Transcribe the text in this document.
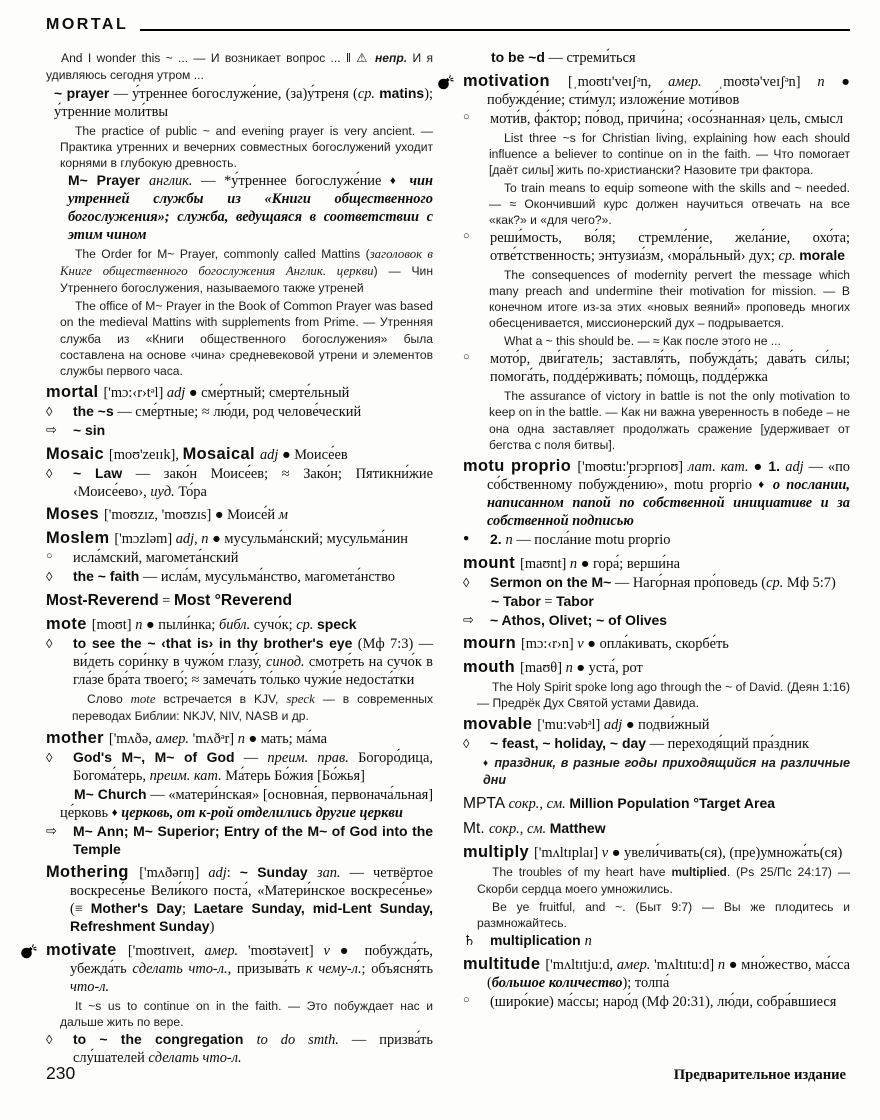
MORTAL
And I wonder this ~ ... — И возникает вопрос ... ‖ ⚠ непр. И я удивляюсь сегодня утром ...
~ prayer — у́треннее богослуже́ние, (за)у́треня (ср. matins); у́тренние моли́твы
The practice of public ~ and evening prayer is very ancient. — Практика утренних и вечерних совместных богослужений уходит корнями в глубокую древность.
M~ Prayer англик. — *у́треннее богослуже́ние ♦ чин утренней службы из «Книги общественного богослужения»; служба, ведущаяся в соответствии с этим чином
The Order for M~ Prayer, commonly called Mattins (заголовок в Книге общественного богослужения Англик. церкви) — Чин Утреннего богослужения, называемого также утреней
The office of M~ Prayer in the Book of Common Prayer was based on the medieval Mattins with supplements from Prime. — Утренняя служба из «Книги общественного богослужения» была составлена на основе ‹чина› средневековой утрени и элементов службы первого часа.
mortal ['mɔ:‹r›tᵊl] adj ● сме́ртный; смерте́льный
◊	the ~s — сме́ртные; ≈ лю́ди, род челове́ческий
⇨	~ sin
Mosaic [moʊ'zeɪɪk], Mosaical adj ● Моисе́ев
◊	~ Law — зако́н Моисе́ев; ≈ Зако́н; Пятикни́жие ‹Моисе́ево›, иуд. То́ра
Moses ['moʊzɪz, 'moʊzɪs] ● Моисе́й м
Moslem ['mɔzləm] adj, n ● мусульма́нский; мусульма́нин
○	исла́мский, магомета́нский
◊	the ~ faith — исла́м, мусульма́нство, магомета́нство
Most-Reverend = Most °Reverend
mote [moʊt] n ● пыли́нка; библ. сучо́к; ср. speck
◊	to see the ~ ‹that is› in thy brother's eye (Мф 7:3) — ви́деть сори́нку в чужо́м глазу́, синод. смотре́ть на сучо́к в гла́зе бра́та твоего́; ≈ замеча́ть то́лько чужи́е недоста́тки
Слово mote встречается в KJV, speck — в современных переводах Библии: NKJV, NIV, NASB и др.
mother ['mʌðə, амер. 'mʌðᵊr] n ● мать; ма́ма
◊	God's M~, M~ of God — преим. прав. Богоро́дица, Богома́терь, преим. кат. Ма́терь Бо́жия [Бо́жья]
M~ Church — «матери́нская» [основна́я, первонача́льная] це́рковь ♦ церковь, от к-рой отделились другие церкви
⇨	M~ Ann; M~ Superior; Entry of the M~ of God into the Temple
Mothering ['mʌðərɪŋ] adj: ~ Sunday зап. — четвёртое воскресе́нье Вели́кого поста́, «Матери́нское воскресе́нье» (≡ Mother's Day; Laetare Sunday, mid-Lent Sunday, Refreshment Sunday)
motivate ['moʊtɪveɪt, амер. 'moʊtəveɪt] v ● побужда́ть, убежда́ть сделать что-л., призыва́ть к чему-л.; объясня́ть что-л.
It ~s us to continue on in the faith. — Это побуждает нас и дальше жить по вере.
◊	to ~ the congregation to do smth. — призва́ть слу́шателей сделать что-л.
to be ~d — стреми́ться
motivation [ˌmoʊtɪ'veɪʃᵊn, амер. ˌmoʊtə'veɪʃᵊn] n ● побужде́ние; сти́мул; изложе́ние моти́вов
○	моти́в, фа́ктор; по́вод, причи́на; ‹осо́знанная› цель, смысл
List three ~s for Christian living, explaining how each should influence a believer to continue on in the faith. — Что помогает [даёт силы] жить по-христиански? Назовите три фактора.
To train means to equip someone with the skills and ~ needed. — ≈ Окончивший курс должен научиться отвечать на все «как?» и «для чего?».
○	реши́мость, во́ля; стремле́ние, жела́ние, охо́та; отве́тственность; энтузиа́зм, ‹мора́льный› дух; ср. morale
The consequences of modernity pervert the message which many preach and undermine their motivation for mission. — В конечном итоге из-за этих «новых веяний» проповедь многих обесценивается, миссионерский дух – подрывается.
What a ~ this should be. — ≈ Как после этого не ...
○	мото́р, дви́гатель; заставля́ть, побужда́ть; дава́ть си́лы; помога́ть, подде́рживать; по́мощь, подде́ржка
The assurance of victory in battle is not the only motivation to keep on in the battle. — Как ни важна уверенность в победе – не она одна заставляет продолжать сражение [удерживает от бегства с поля битвы].
motu proprio ['moʊtu:'prɔprɪoʊ] лат. кат. ● 1. adj — «по со́бственному побужде́нию», motu proprio ♦ о послании, написанном папой по собственной инициативе и за собственной подписью
●	2. n — посла́ние motu proprio
mount [maʊnt] n ● гора́; верши́на
◊	Sermon on the M~ — Наго́рная про́поведь (ср. Мф 5:7)
~ Tabor = Tabor
⇨	~ Athos, Olivet; ~ of Olives
mourn [mɔ:‹r›n] v ● опла́кивать, скорбе́ть
mouth [maʊθ] n ● уста́, рот
The Holy Spirit spoke long ago through the ~ of David. (Деян 1:16) — Предрёк Дух Святой устами Давида.
movable ['mu:vəbᵊl] adj ● подви́жный
◊	~ feast, ~ holiday, ~ day — переходя́щий пра́здник
♦ праздник, в разные годы приходящийся на различные дни
MPTA сокр., см. Million Population °Target Area
Mt. сокр., см. Matthew
multiply ['mʌltɪplaɪ] v ● увели́чивать(ся), (пре)умножа́ть(ся)
The troubles of my heart have multiplied. (Ps 25/Пс 24:17) — Скорби сердца моего умножились.
Be ye fruitful, and ~. (Быт 9:7) — Вы же плодитесь и размножайтесь.
♄	multiplication n
multitude ['mʌltɪtju:d, амер. 'mʌltɪtu:d] n ● мно́жество, ма́сса (большое количество); толпа́
○	(широ́кие) ма́ссы; наро́д (Мф 20:31), лю́ди, собра́вшиеся
230	Предварительное издание
